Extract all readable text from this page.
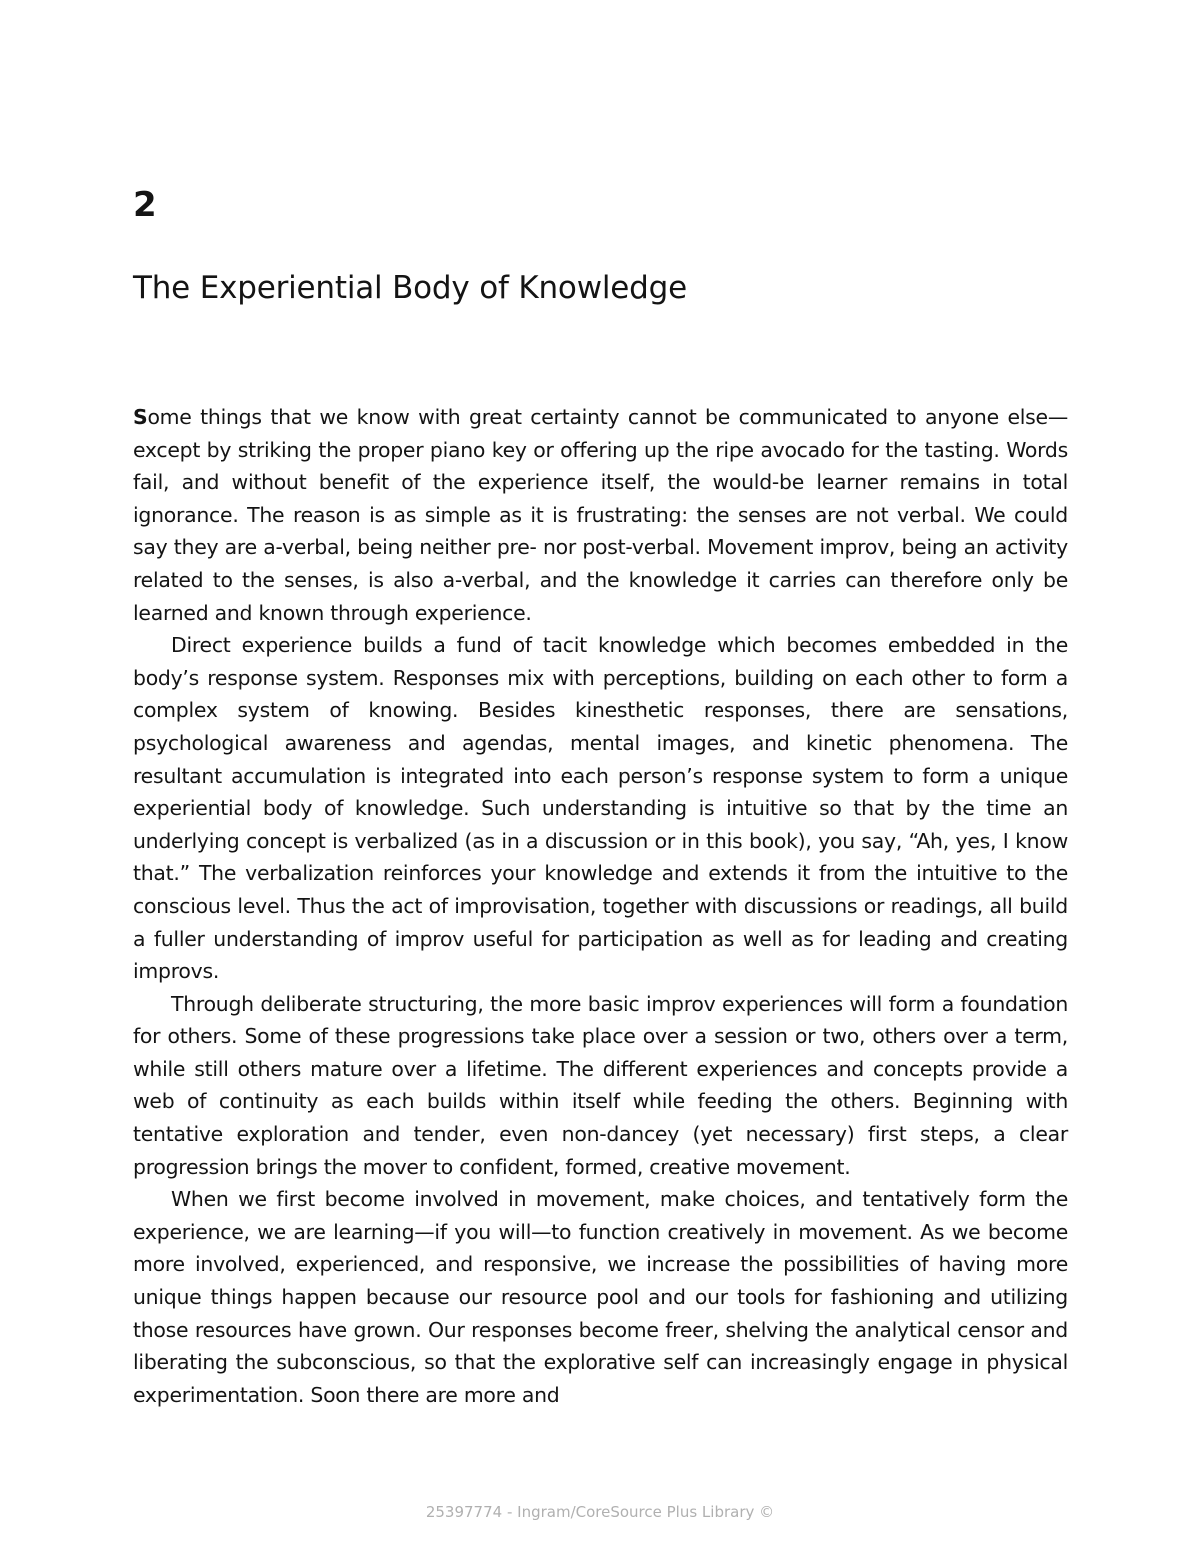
2
The Experiential Body of Knowledge

Some things that we know with great certainty cannot be communicated to anyone else—except by striking the proper piano key or offering up the ripe avocado for the tasting. Words fail, and without benefit of the experience itself, the would-be learner remains in total ignorance. The reason is as simple as it is frustrating: the senses are not verbal. We could say they are a-verbal, being neither pre- nor post-verbal. Movement improv, being an activity related to the senses, is also a-verbal, and the knowledge it carries can therefore only be learned and known through experience.

Direct experience builds a fund of tacit knowledge which becomes embedded in the body’s response system. Responses mix with perceptions, building on each other to form a complex system of knowing. Besides kinesthetic responses, there are sensations, psychological awareness and agendas, mental images, and kinetic phenomena. The resultant accumulation is integrated into each person’s response system to form a unique experiential body of knowledge. Such understanding is intuitive so that by the time an underlying concept is verbalized (as in a discussion or in this book), you say, “Ah, yes, I know that.” The verbalization reinforces your knowledge and extends it from the intuitive to the conscious level. Thus the act of improvisation, together with discussions or readings, all build a fuller understanding of improv useful for participation as well as for leading and creating improvs.

Through deliberate structuring, the more basic improv experiences will form a foundation for others. Some of these progressions take place over a session or two, others over a term, while still others mature over a lifetime. The different experiences and concepts provide a web of continuity as each builds within itself while feeding the others. Beginning with tentative exploration and tender, even non-dancey (yet necessary) first steps, a clear progression brings the mover to confident, formed, creative movement.

When we first become involved in movement, make choices, and tentatively form the experience, we are learning—if you will—to function creatively in movement. As we become more involved, experienced, and responsive, we increase the possibilities of having more unique things happen because our resource pool and our tools for fashioning and utilizing those resources have grown. Our responses become freer, shelving the analytical censor and liberating the subconscious, so that the explorative self can increasingly engage in physical experimentation. Soon there are more and

25397774 - Ingram/CoreSource Plus Library ©
